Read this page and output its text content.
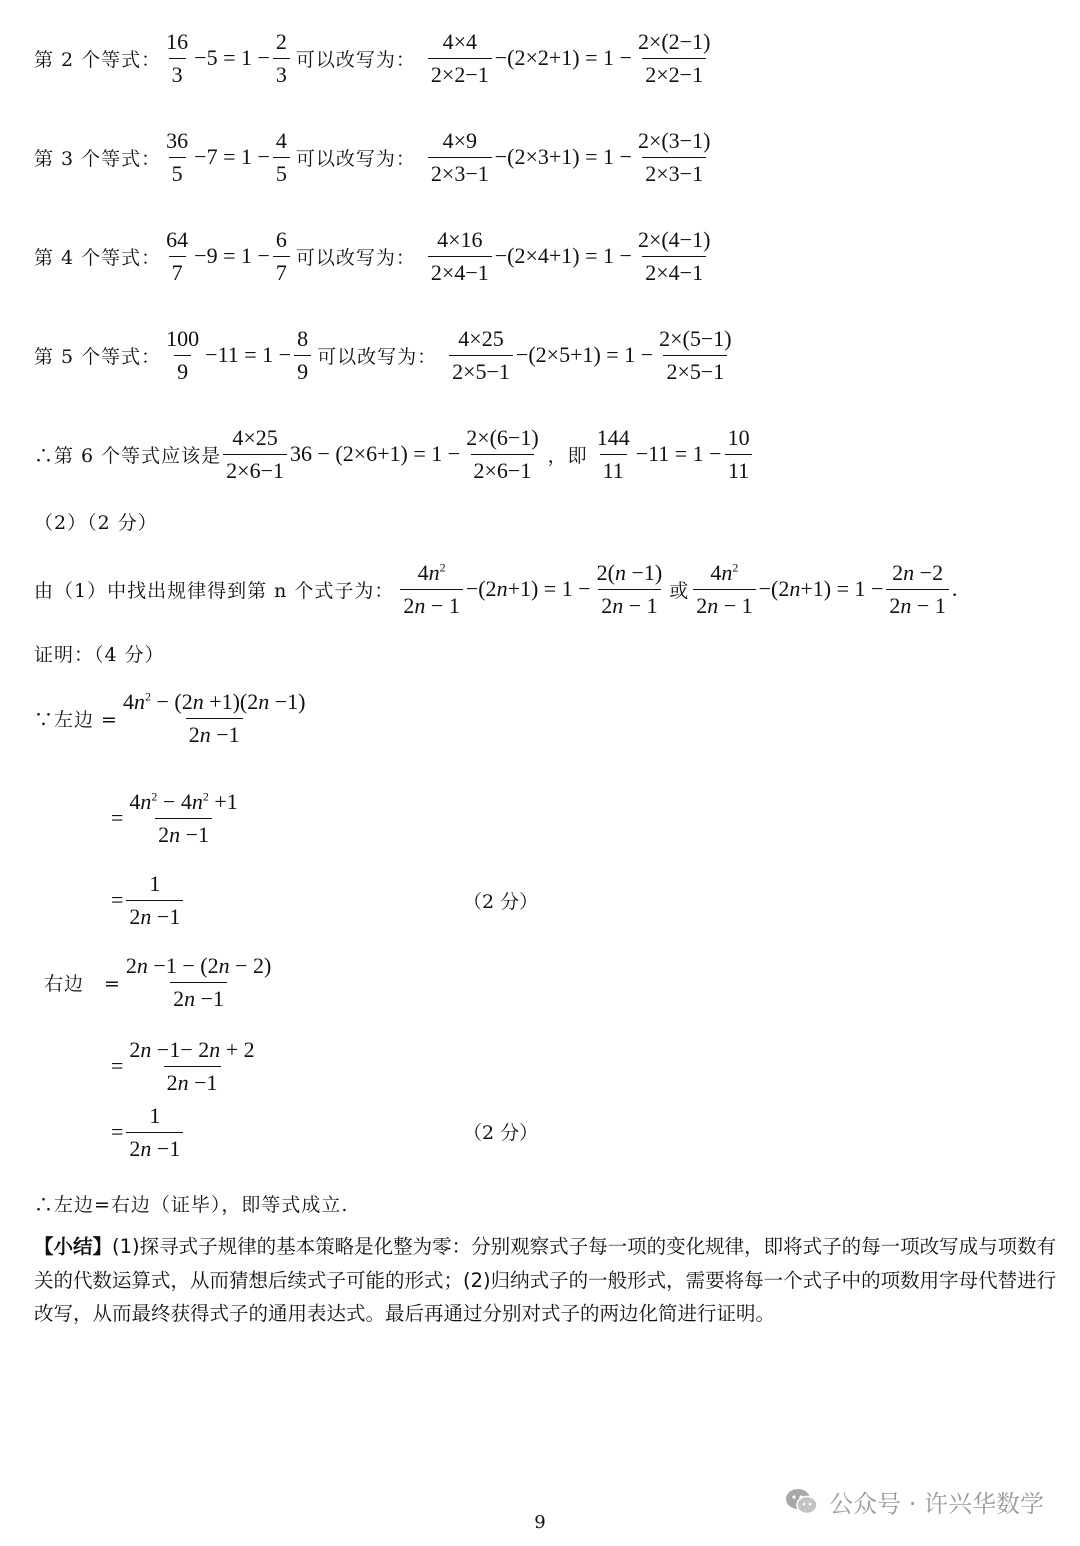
第 2 个等式： $\frac{16}{3} -5 = 1 - \frac{2}{3}$ 可以改写为： $\frac{4\times 4}{2\times 2-1} -(2\times 2+1) = 1 - \frac{2\times(2-1)}{2\times 2-1}$
第 3 个等式： $\frac{36}{5} -7 = 1 - \frac{4}{5}$ 可以改写为： $\frac{4\times 9}{2\times 3-1} -(2\times 3+1) = 1 - \frac{2\times(3-1)}{2\times 3-1}$
第 4 个等式： $\frac{64}{7} -9 = 1 - \frac{6}{7}$ 可以改写为： $\frac{4\times 16}{2\times 4-1} -(2\times 4+1) = 1 - \frac{2\times(4-1)}{2\times 4-1}$
第 5 个等式： $\frac{100}{9} -11 = 1 - \frac{8}{9}$ 可以改写为： $\frac{4\times 25}{2\times 5-1} -(2\times 5+1) = 1 - \frac{2\times(5-1)}{2\times 5-1}$
∴第 6 个等式应该是 $\frac{4\times 25}{2\times 6-1} 36 - (2\times 6+1) = 1 - \frac{2\times(6-1)}{2\times 6-1}$ ，即 $\frac{144}{11} -11 = 1 - \frac{10}{11}$
（2）（2 分）
由（1）中找出规律得到第 n 个式子为： $\frac{4n^2}{2n - 1} -(2n+1) = 1 - \frac{2(n -1)}{2n - 1}$ 或 $\frac{4n^2}{2n - 1} -(2n+1) = 1 - \frac{2n -2}{2n - 1}$ .
证明：（4 分）
∵左边 = $\frac{4n^2 - (2n +1)(2n -1)}{2n -1}$
= $\frac{4n^2 - 4n^2 +1}{2n -1}$
= $\frac{1}{2n -1}$	（2 分）
右边　= $\frac{2n -1 - (2n - 2)}{2n -1}$
= $\frac{2n -1- 2n + 2}{2n -1}$
= $\frac{1}{2n -1}$	（2 分）
∴左边=右边（证毕），即等式成立.
【小结】(1)探寻式子规律的基本策略是化整为零：分别观察式子每一项的变化规律，即将式子的每一项改写成与项数有关的代数运算式，从而猜想后续式子可能的形式；(2)归纳式子的一般形式，需要将每一个式子中的项数用字母代替进行改写，从而最终获得式子的通用表达式。最后再通过分别对式子的两边化简进行证明。
公众号 · 许兴华数学
9
